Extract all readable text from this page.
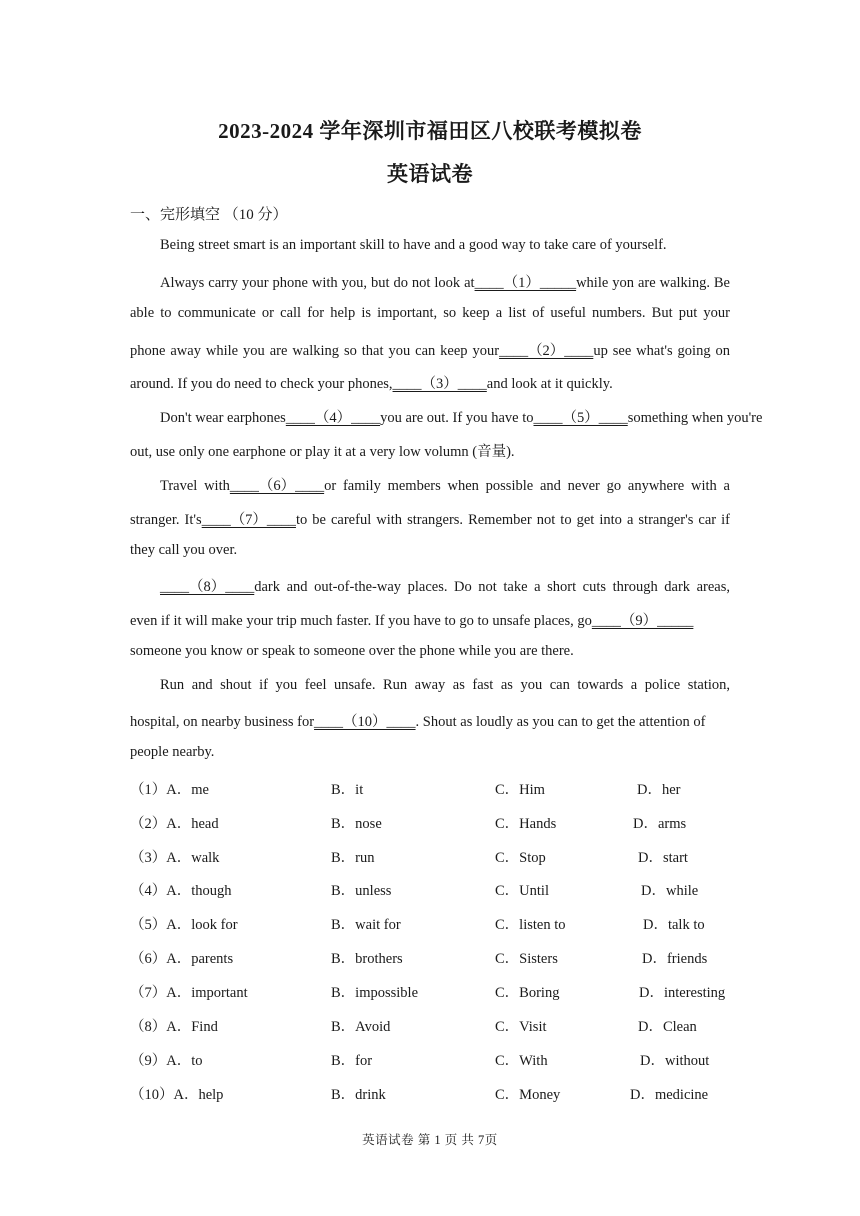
2023-2024 学年深圳市福田区八校联考模拟卷
英语试卷
一、完形填空 （10 分）
Being street smart is an important skill to have and a good way to take care of yourself.
Always carry your phone with you, but do not look at____（1）_____while yon are walking. Be
able to communicate or call for help is important, so keep a list of useful numbers. But put your
phone away while you are walking so that you can keep your____（2）____up see what's going on
around. If you do need to check your phones,____（3）____and look at it quickly.
Don't wear earphones____（4）____you are out. If you have to____（5）____something when you're
out, use only one earphone or play it at a very low volumn (音量).
Travel with____（6）____or family members when possible and never go anywhere with a
stranger. It's____（7）____to be careful with strangers. Remember not to get into a stranger's car if
they call you over.
____（8）____dark and out-of-the-way places. Do not take a short cuts through dark areas,
even if it will make your trip much faster. If you have to go to unsafe places, go____（9）_____
someone you know or speak to someone over the phone while you are there.
Run and shout if you feel unsafe. Run away as fast as you can towards a police station,
hospital, on nearby business for____（10）____. Shout as loudly as you can to get the attention of
people nearby.
（1）A．me	B．it	C．Him	D．her
（2）A．head	B．nose	C．Hands	D．arms
（3）A．walk	B．run	C．Stop	D．start
（4）A．though	B．unless	C．Until	D．while
（5）A．look for	B．wait for	C．listen to	D．talk to
（6）A．parents	B．brothers	C．Sisters	D．friends
（7）A．important	B．impossible	C．Boring	D．interesting
（8）A．Find	B．Avoid	C．Visit	D．Clean
（9）A．to	B．for	C．With	D．without
（10）A．help	B．drink	C．Money	D．medicine
英语试卷 第 1 页 共 7页
